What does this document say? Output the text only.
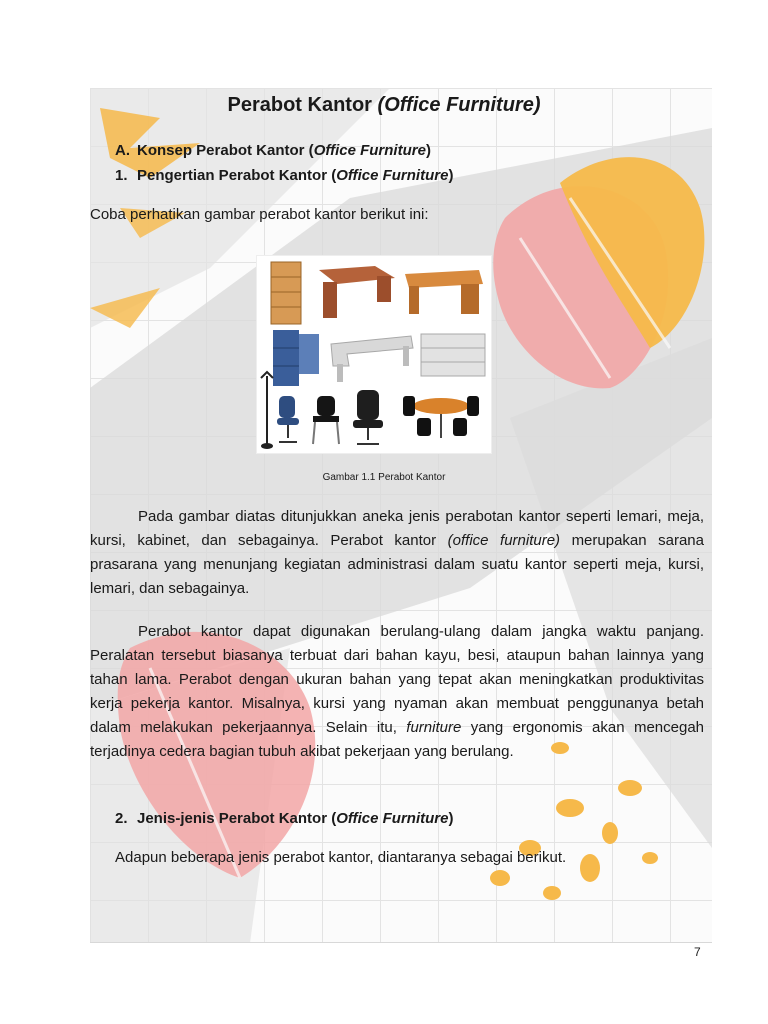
Perabot Kantor (Office Furniture)
A. Konsep Perabot Kantor (Office Furniture)
1. Pengertian Perabot Kantor (Office Furniture)
Coba perhatikan gambar perabot kantor berikut ini:
Gambar 1.1 Perabot Kantor

Pada gambar diatas ditunjukkan aneka jenis perabotan kantor seperti lemari, meja, kursi, kabinet, dan sebagainya. Perabot kantor (office furniture) merupakan sarana prasarana yang menunjang kegiatan administrasi dalam suatu kantor seperti meja, kursi, lemari, dan sebagainya.

Perabot kantor dapat digunakan berulang-ulang dalam jangka waktu panjang. Peralatan tersebut biasanya terbuat dari bahan kayu, besi, ataupun bahan lainnya yang tahan lama. Perabot dengan ukuran bahan yang tepat akan meningkatkan produktivitas kerja pekerja kantor. Misalnya, kursi yang nyaman akan membuat penggunanya betah dalam melakukan pekerjaannya. Selain itu, furniture yang ergonomis akan mencegah terjadinya cedera bagian tubuh akibat pekerjaan yang berulang.

2. Jenis-jenis Perabot Kantor (Office Furniture)
Adapun beberapa jenis perabot kantor, diantaranya sebagai berikut.
7
